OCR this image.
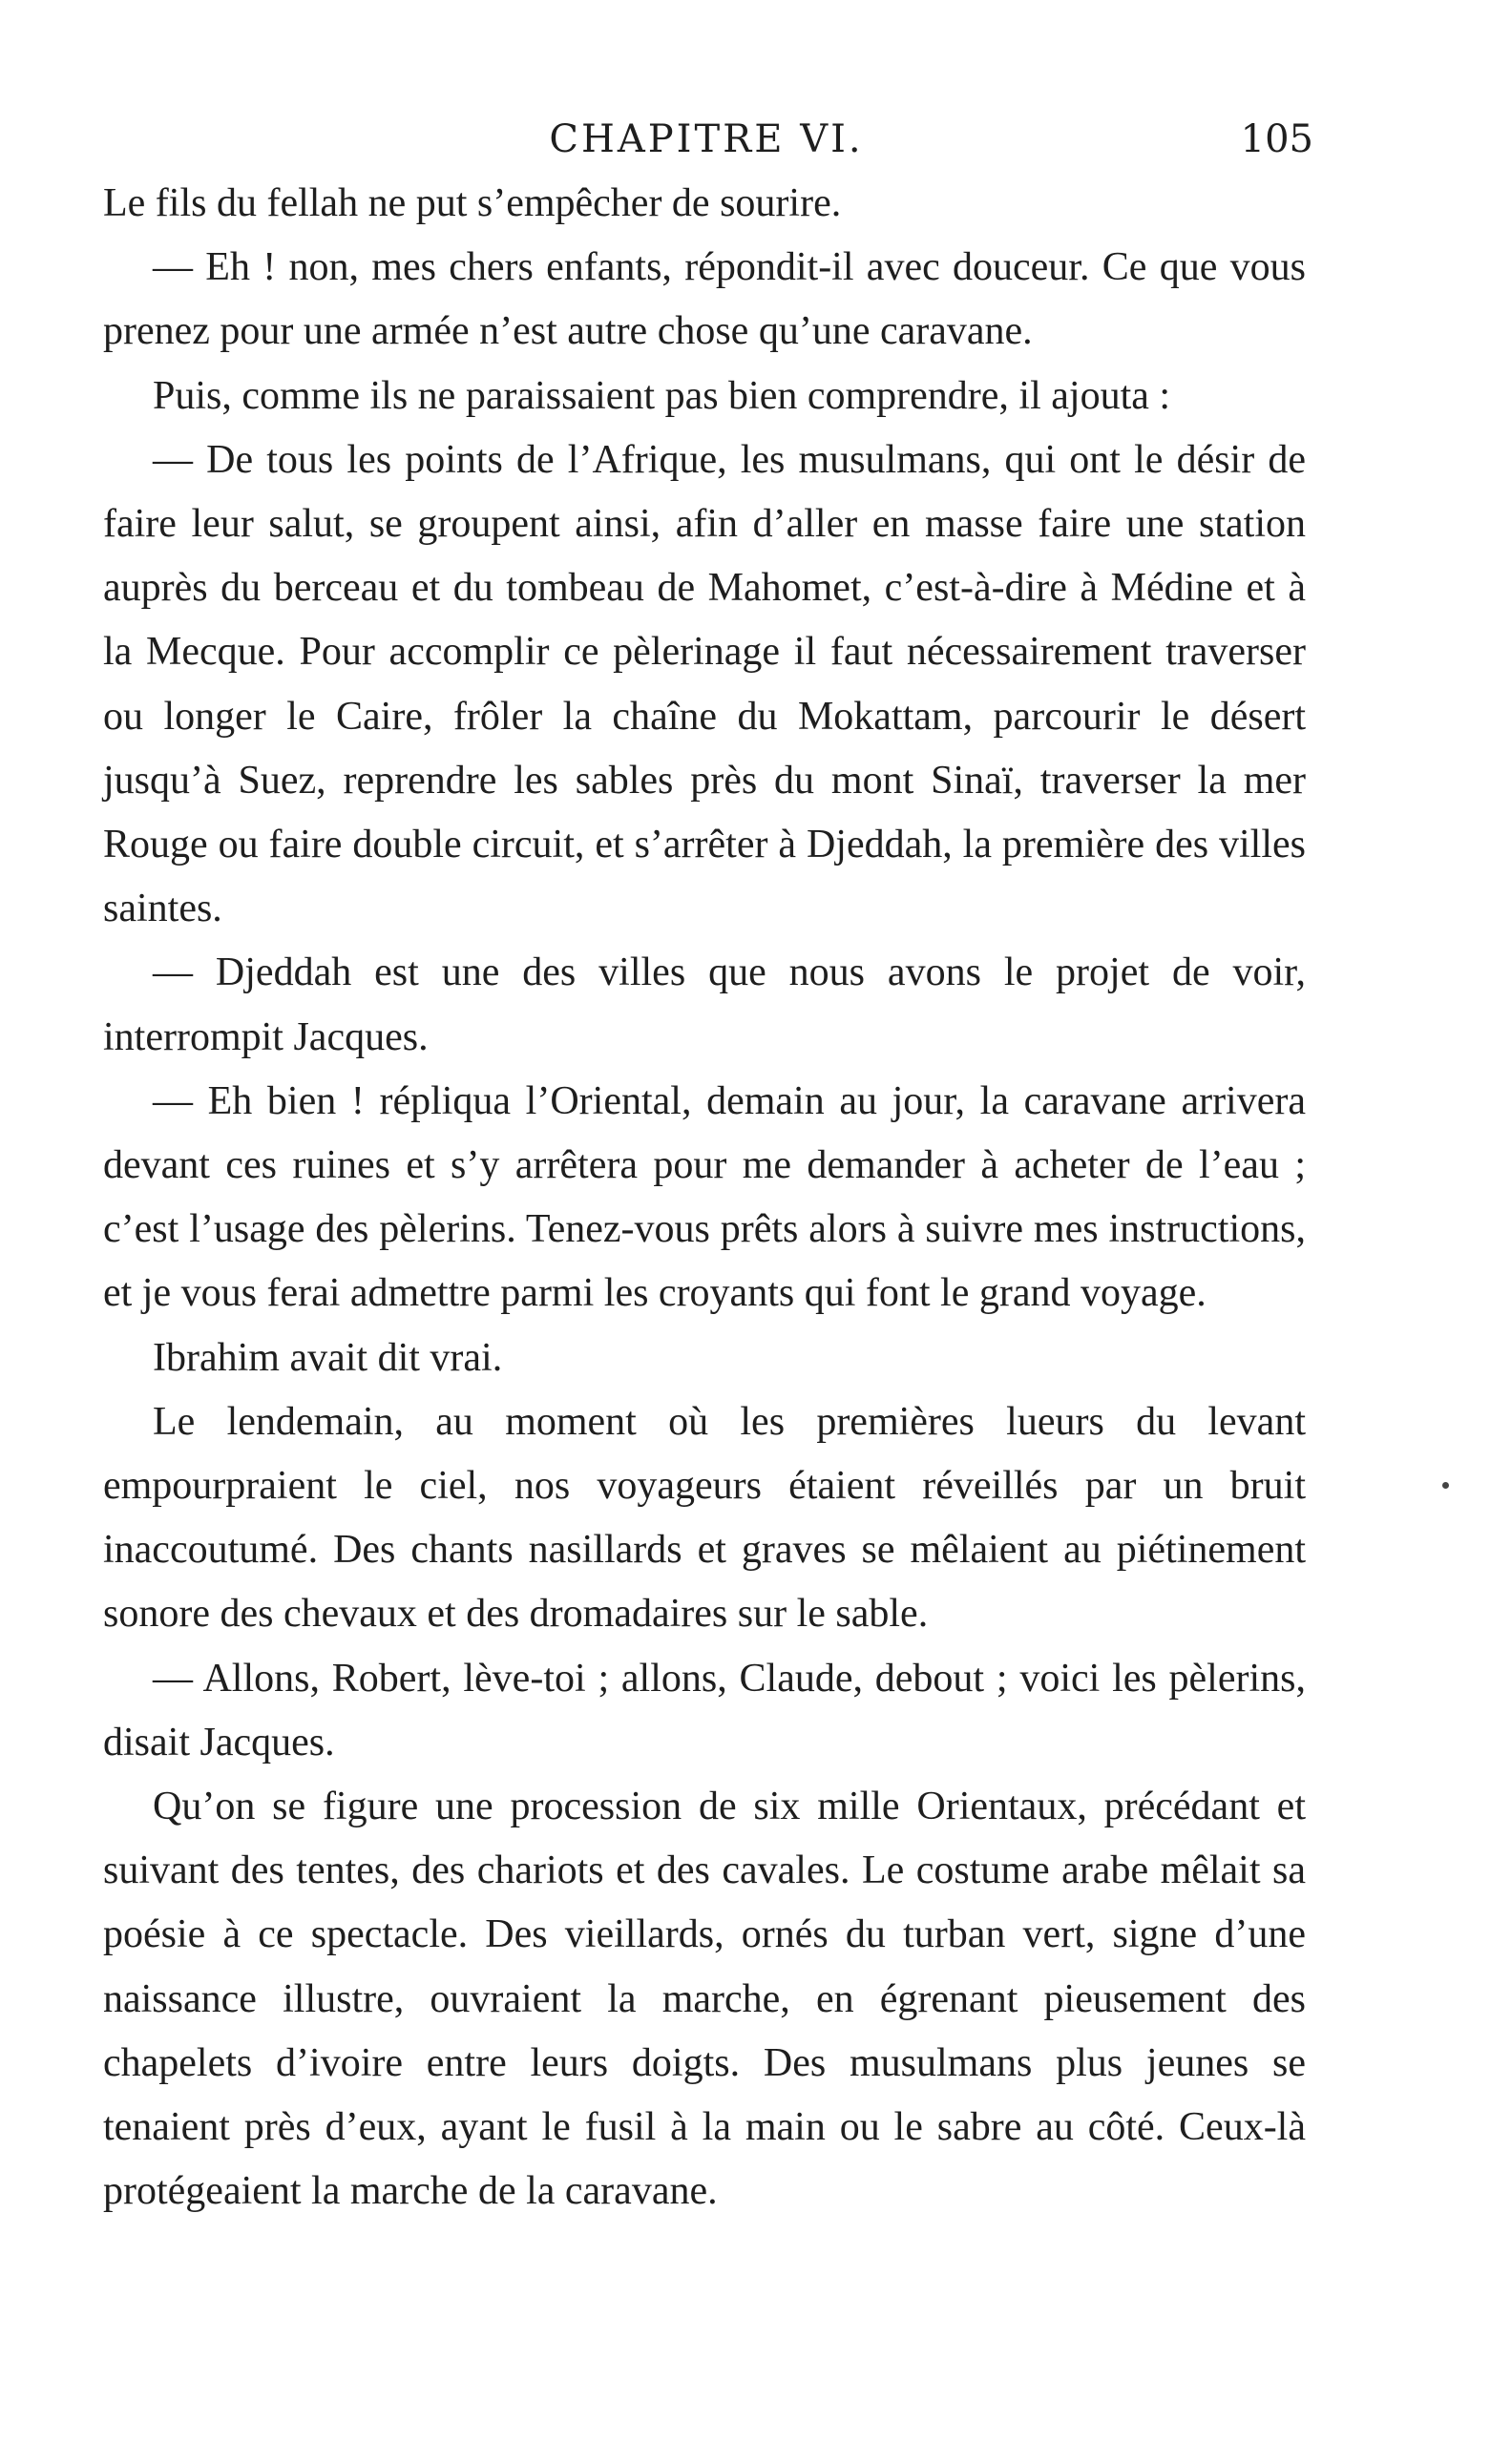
CHAPITRE VI.	105

Le fils du fellah ne put s’empêcher de sourire.

— Eh ! non, mes chers enfants, répondit-il avec douceur. Ce que vous prenez pour une armée n’est autre chose qu’une caravane.

Puis, comme ils ne paraissaient pas bien comprendre, il ajouta :

— De tous les points de l’Afrique, les musulmans, qui ont le désir de faire leur salut, se groupent ainsi, afin d’aller en masse faire une station auprès du berceau et du tombeau de Mahomet, c’est-à-dire à Médine et à la Mecque. Pour accomplir ce pèlerinage il faut nécessairement traverser ou longer le Caire, frôler la chaîne du Mokattam, parcourir le désert jusqu’à Suez, reprendre les sables près du mont Sinaï, traverser la mer Rouge ou faire double circuit, et s’arrêter à Djeddah, la première des villes saintes.

— Djeddah est une des villes que nous avons le projet de voir, interrompit Jacques.

— Eh bien ! répliqua l’Oriental, demain au jour, la caravane arrivera devant ces ruines et s’y arrêtera pour me demander à acheter de l’eau ; c’est l’usage des pèlerins. Tenez-vous prêts alors à suivre mes instructions, et je vous ferai admettre parmi les croyants qui font le grand voyage.

Ibrahim avait dit vrai.

Le lendemain, au moment où les premières lueurs du levant empourpraient le ciel, nos voyageurs étaient réveillés par un bruit inaccoutumé. Des chants nasillards et graves se mêlaient au piétinement sonore des chevaux et des dromadaires sur le sable.

— Allons, Robert, lève-toi ; allons, Claude, debout ; voici les pèlerins, disait Jacques.

Qu’on se figure une procession de six mille Orientaux, précédant et suivant des tentes, des chariots et des cavales. Le costume arabe mêlait sa poésie à ce spectacle. Des vieillards, ornés du turban vert, signe d’une naissance illustre, ouvraient la marche, en égrenant pieusement des chapelets d’ivoire entre leurs doigts. Des musulmans plus jeunes se tenaient près d’eux, ayant le fusil à la main ou le sabre au côté. Ceux-là protégeaient la marche de la caravane.
